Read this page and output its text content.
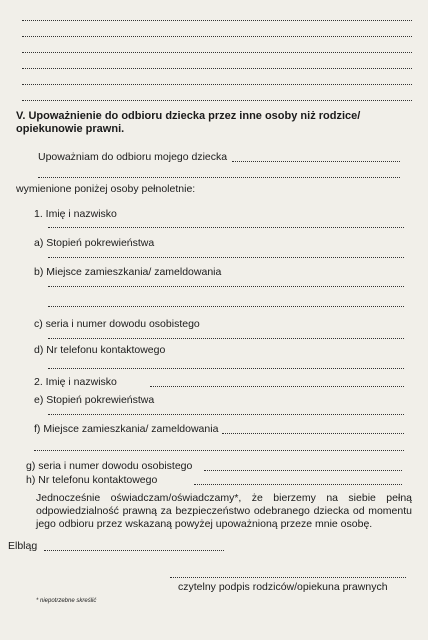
V. Upoważnienie do odbioru dziecka przez inne osoby niż rodzice/ opiekunowie prawni.
Upoważniam do odbioru mojego dziecka
wymienione poniżej osoby pełnoletnie:
1. Imię i nazwisko
a) Stopień pokrewieństwa
b) Miejsce zamieszkania/ zameldowania
c) seria i numer dowodu osobistego
d) Nr telefonu kontaktowego
2. Imię i nazwisko
e) Stopień pokrewieństwa
f) Miejsce zamieszkania/ zameldowania
g) seria i numer dowodu osobistego
h) Nr telefonu kontaktowego
Jednocześnie oświadczam/oświadczamy*, że bierzemy na siebie pełną odpowiedzialność prawną za bezpieczeństwo odebranego dziecka od momentu jego odbioru przez wskazaną powyżej upoważnioną przeze mnie osobę.
Elbląg
czytelny podpis rodziców/opiekuna prawnych
* niepotrzebne skreślić
